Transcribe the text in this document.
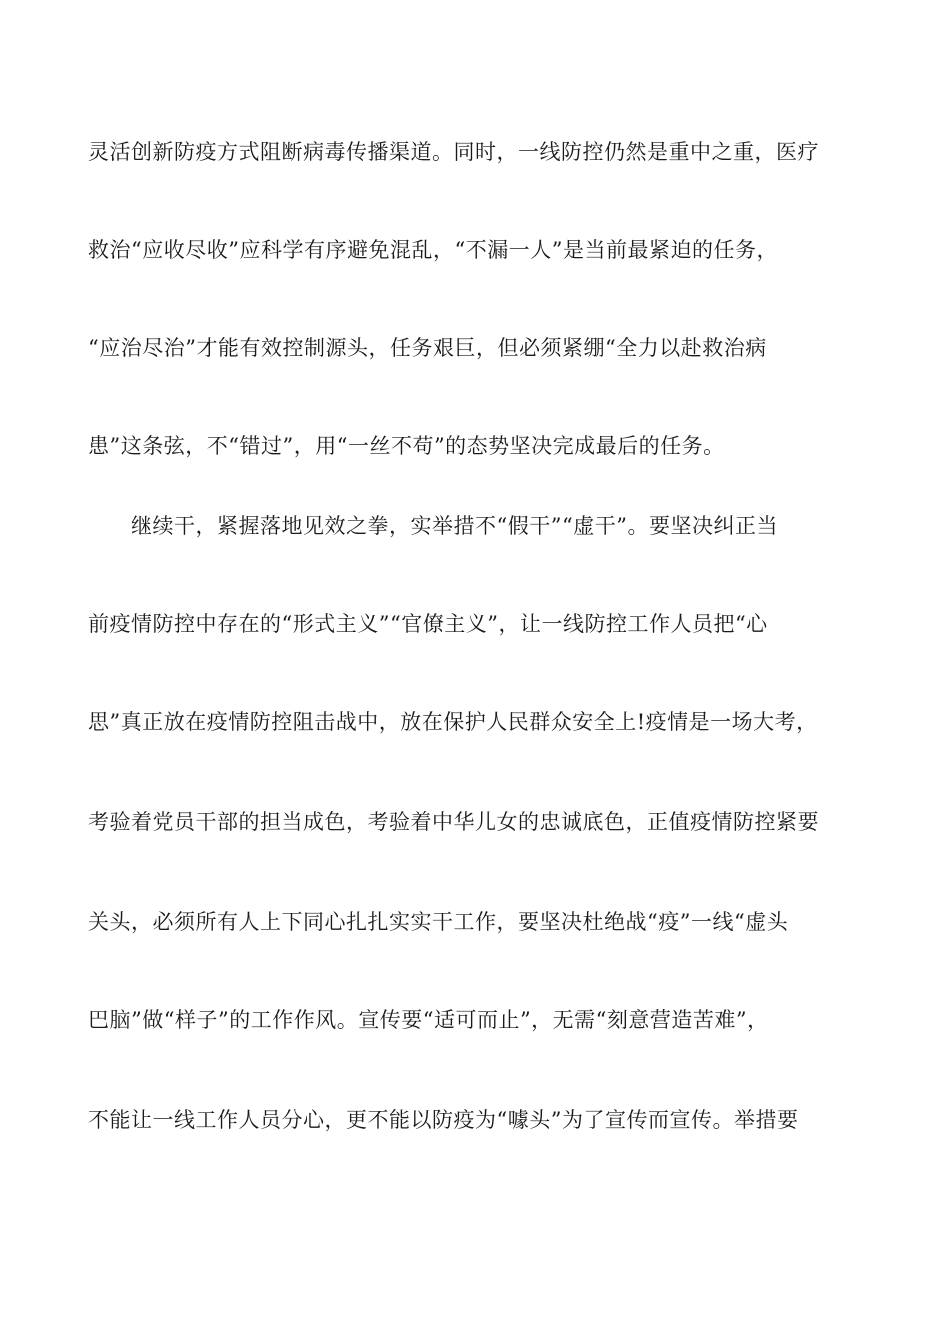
灵活创新防疫方式阻断病毒传播渠道。同时，一线防控仍然是重中之重，医疗
救治“应收尽收”应科学有序避免混乱，“不漏一人”是当前最紧迫的任务，
“应治尽治”才能有效控制源头，任务艰巨，但必须紧绷“全力以赴救治病
患”这条弦，不“错过”，用“一丝不苟”的态势坚决完成最后的任务。
继续干，紧握落地见效之拳，实举措不“假干”“虚干”。要坚决纠正当
前疫情防控中存在的“形式主义”“官僚主义”，让一线防控工作人员把“心
思”真正放在疫情防控阻击战中，放在保护人民群众安全上!疫情是一场大考，
考验着党员干部的担当成色，考验着中华儿女的忠诚底色，正值疫情防控紧要
关头，必须所有人上下同心扎扎实实干工作，要坚决杜绝战“疫”一线“虚头
巴脑”做“样子”的工作作风。宣传要“适可而止”，无需“刻意营造苦难”，
不能让一线工作人员分心，更不能以防疫为“噱头”为了宣传而宣传。举措要
